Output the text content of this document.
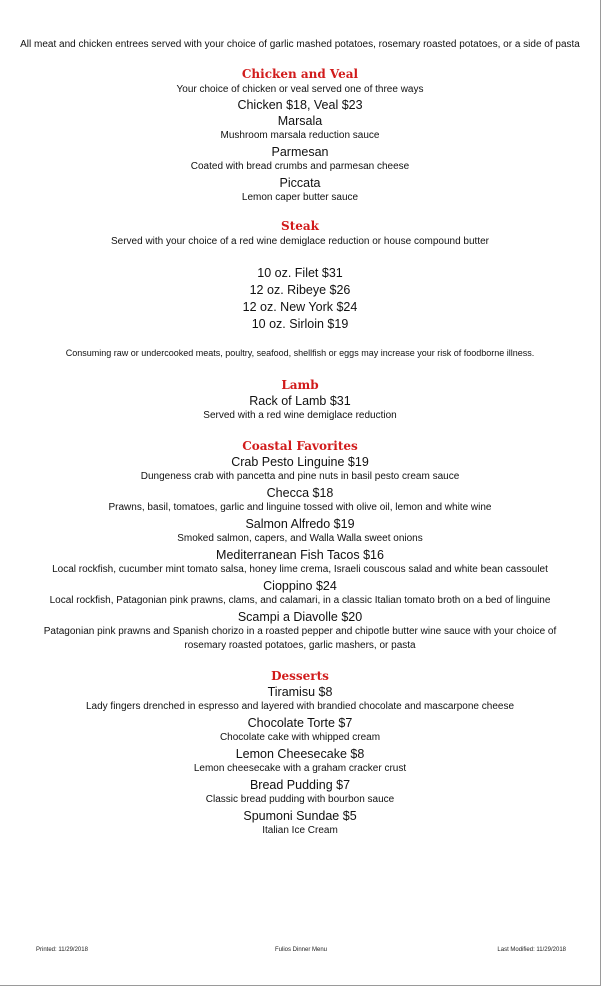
All meat and chicken entrees served with your choice of garlic mashed potatoes, rosemary roasted potatoes, or a side of pasta

Chicken and Veal

Your choice of chicken or veal served one of three ways

Chicken $18, Veal $23

Marsala

Mushroom marsala reduction sauce

Parmesan

Coated with bread crumbs and parmesan cheese

Piccata

Lemon caper butter sauce

Steak

Served with your choice of a red wine demiglace reduction or house compound butter

10 oz. Filet $31

12 oz. Ribeye $26

12 oz. New York $24

10 oz. Sirloin $19

Consuming raw or undercooked meats, poultry, seafood, shellfish or eggs may increase your risk of foodborne illness.

Lamb

Rack of Lamb $31

Served with a red wine demiglace reduction

Coastal Favorites

Crab Pesto Linguine $19

Dungeness crab with pancetta and pine nuts in basil pesto cream sauce

Checca $18

Prawns, basil, tomatoes, garlic and linguine tossed with olive oil, lemon and white wine

Salmon Alfredo $19

Smoked salmon, capers, and Walla Walla sweet onions

Mediterranean Fish Tacos $16

Local rockfish, cucumber mint tomato salsa, honey lime crema, Israeli couscous salad and white bean cassoulet

Cioppino $24

Local rockfish, Patagonian pink prawns, clams, and calamari, in a classic Italian tomato broth on a bed of linguine

Scampi a Diavolle $20

Patagonian pink prawns and Spanish chorizo in a roasted pepper and chipotle butter wine sauce with your choice of rosemary roasted potatoes, garlic mashers, or pasta

Desserts

Tiramisu $8

Lady fingers drenched in espresso and layered with brandied chocolate and mascarpone cheese

Chocolate Torte $7

Chocolate cake with whipped cream

Lemon Cheesecake $8

Lemon cheesecake with a graham cracker crust

Bread Pudding $7

Classic bread pudding with bourbon sauce

Spumoni Sundae $5

Italian Ice Cream

Printed: 11/29/2018	Fulios Dinner Menu	Last Modified: 11/29/2018
